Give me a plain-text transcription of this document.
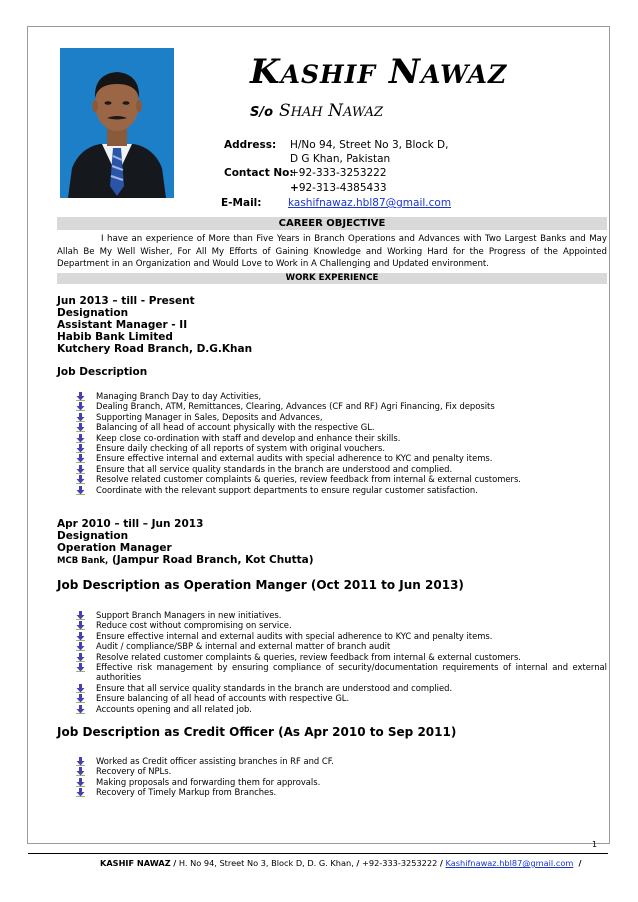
KASHIF NAWAZ
S/o SHAH NAWAZ
Address: H/No 94, Street No 3, Block D,
D G Khan, Pakistan
Contact No:
+92-333-3253222
+92-313-4385433
E-Mail:	kashifnawaz.hbl87@gmail.com
CAREER OBJECTIVE
I have an experience of More than Five Years in Branch Operations and Advances with Two Largest Banks and May Allah Be My Well Wisher, For All My Efforts of Gaining Knowledge and Working Hard for the Progress of the Appointed Department in an Organization and Would Love to Work in A Challenging and Updated environment.
WORK EXPERIENCE
Jun 2013 – till - Present
Designation
Assistant Manager - II
Habib Bank Limited
Kutchery Road Branch, D.G.Khan
Job Description
Managing Branch Day to day Activities,
Dealing Branch, ATM, Remittances, Clearing, Advances (CF and RF) Agri Financing, Fix deposits
Supporting Manager in Sales, Deposits and Advances,
Balancing of all head of account physically with the respective GL.
Keep close co-ordination with staff and develop and enhance their skills.
Ensure daily checking of all reports of system with original vouchers.
Ensure effective internal and external audits with special adherence to KYC and penalty items.
Ensure that all service quality standards in the branch are understood and complied.
Resolve related customer complaints & queries, review feedback from internal & external customers.
Coordinate with the relevant support departments to ensure regular customer satisfaction.
Apr 2010 – till – Jun 2013
Designation
Operation Manager
MCB Bank, (Jampur Road Branch, Kot Chutta)
Job Description as Operation Manger (Oct 2011 to Jun 2013)
Support Branch Managers in new initiatives.
Reduce cost without compromising on service.
Ensure effective internal and external audits with special adherence to KYC and penalty items.
Audit / compliance/SBP & internal and external matter of branch audit
Resolve related customer complaints & queries, review feedback from internal & external customers.
Effective risk management by ensuring compliance of security/documentation requirements of internal and external authorities
Ensure that all service quality standards in the branch are understood and complied.
Ensure balancing of all head of accounts with respective GL.
Accounts opening and all related job.
Job Description as Credit Officer (As Apr 2010 to Sep 2011)
Worked as Credit officer assisting branches in RF and CF.
Recovery of NPLs.
Making proposals and forwarding them for approvals.
Recovery of Timely Markup from Branches.
1
KASHIF NAWAZ / H. No 94, Street No 3, Block D, D. G. Khan, / +92-333-3253222 / Kashifnawaz.hbl87@gmail.com /
